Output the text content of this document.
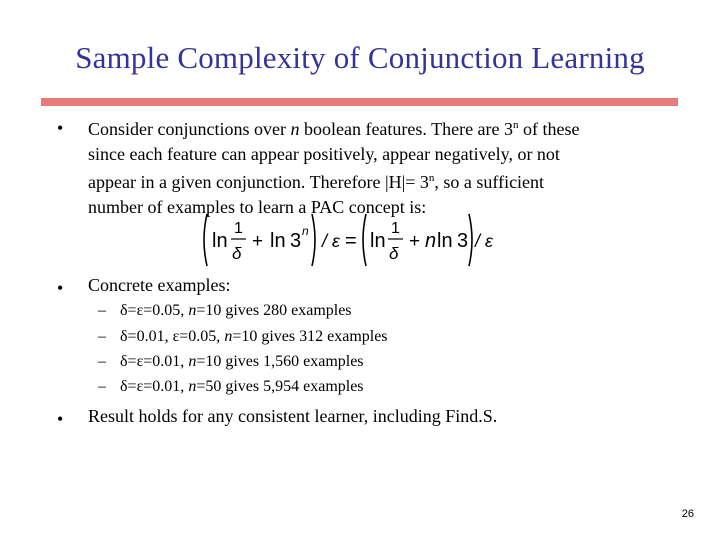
Sample Complexity of Conjunction Learning
• Consider conjunctions over n boolean features. There are 3$^n$ of these
since each feature can appear positively, appear negatively, or not
appear in a given conjunction. Therefore $|H|= 3^n$, so a sufficient
number of examples to learn a PAC concept is:
ln
1
δ
+ ln 3 n / ε = ln
1
δ
+ n ln 3 / ε
• Concrete examples:
– δ=ε=0.05, n=10 gives 280 examples
– δ=0.01, ε=0.05, n=10 gives 312 examples
– δ=ε=0.01, n=10 gives 1,560 examples
– δ=ε=0.01, n=50 gives 5,954 examples
• Result holds for any consistent learner, including Find.S.
26
